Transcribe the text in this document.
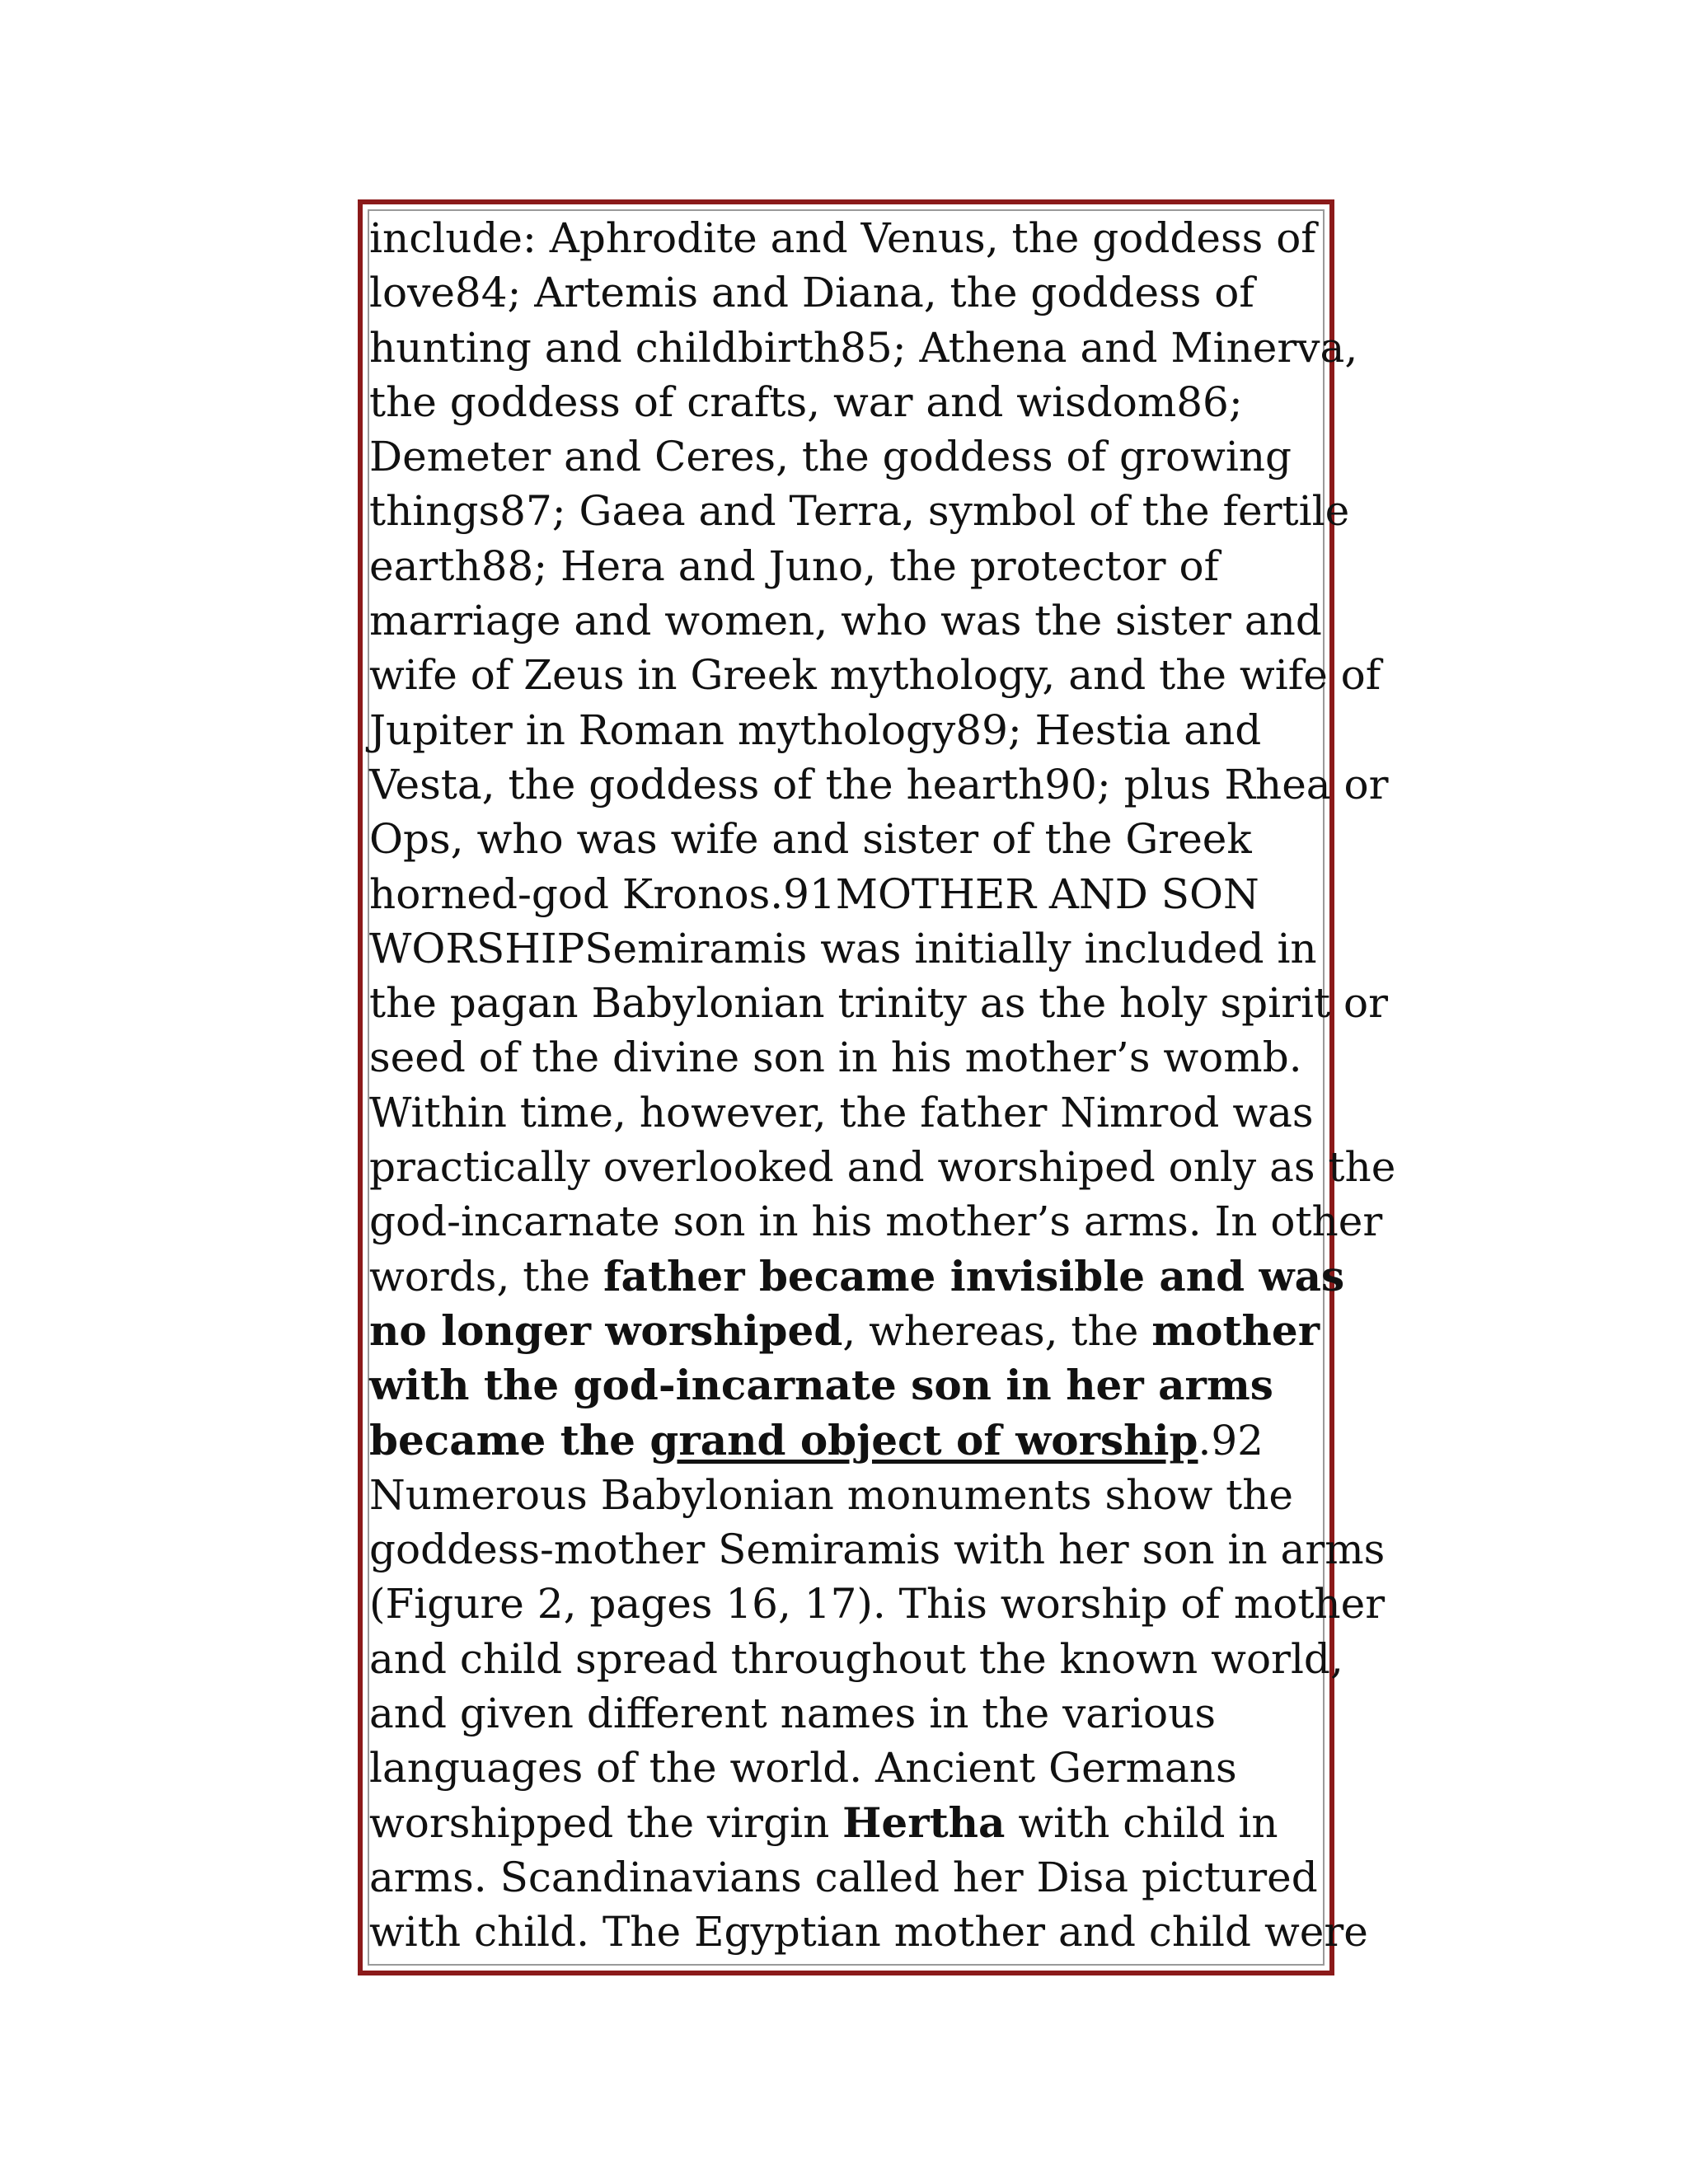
include: Aphrodite and Venus, the goddess of
love84; Artemis and Diana, the goddess of
hunting and childbirth85; Athena and Minerva,
the goddess of crafts, war and wisdom86;
Demeter and Ceres, the goddess of growing
things87; Gaea and Terra, symbol of the fertile
earth88; Hera and Juno, the protector of
marriage and women, who was the sister and
wife of Zeus in Greek mythology, and the wife of
Jupiter in Roman mythology89; Hestia and
Vesta, the goddess of the hearth90; plus Rhea or
Ops, who was wife and sister of the Greek
horned-god Kronos.91MOTHER AND SON
WORSHIPSemiramis was initially included in
the pagan Babylonian trinity as the holy spirit or
seed of the divine son in his mother’s womb.
Within time, however, the father Nimrod was
practically overlooked and worshiped only as the
god-incarnate son in his mother’s arms. In other
words, the father became invisible and was
no longer worshiped, whereas, the mother
with the god-incarnate son in her arms
became the grand object of worship.92
Numerous Babylonian monuments show the
goddess-mother Semiramis with her son in arms
(Figure 2, pages 16, 17). This worship of mother
and child spread throughout the known world,
and given different names in the various
languages of the world. Ancient Germans
worshipped the virgin Hertha with child in
arms. Scandinavians called her Disa pictured
with child. The Egyptian mother and child were
